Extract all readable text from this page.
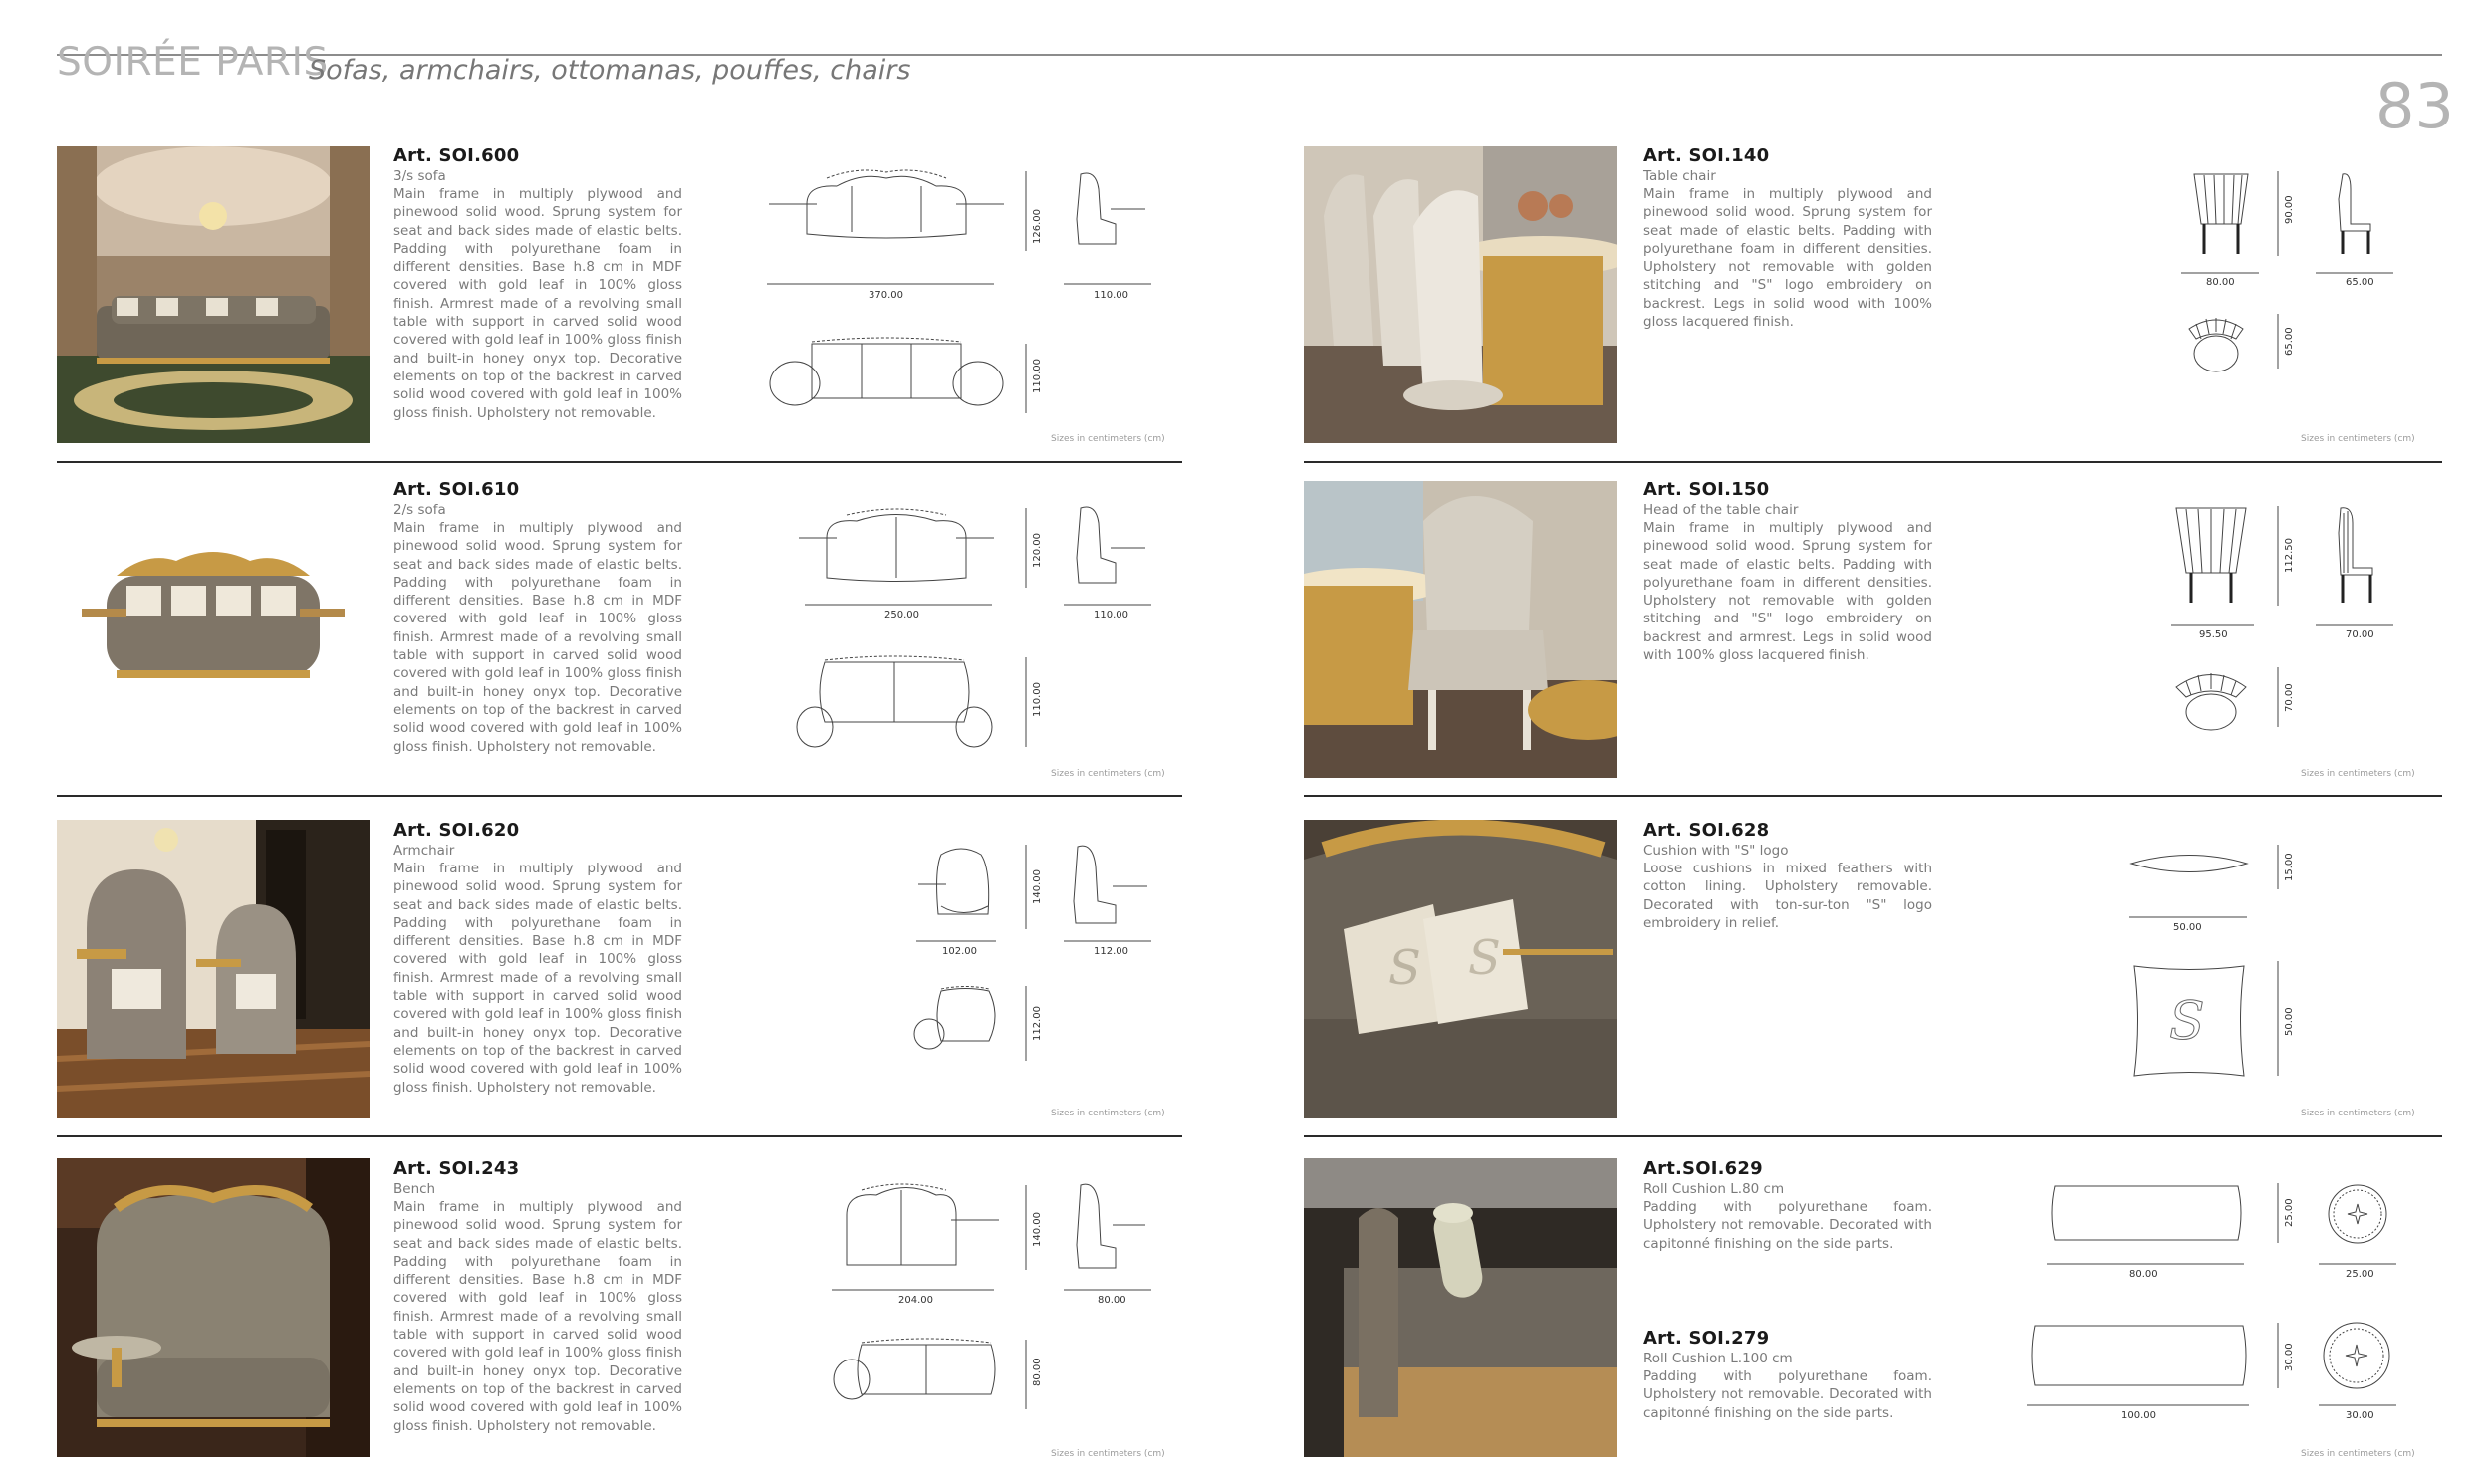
SOIRÉE PARIS
Sofas, armchairs, ottomanas, pouffes, chairs	83
Art. SOI.600
3/s sofa
Main frame in multiply plywood and pinewood solid wood. Sprung system for seat and back sides made of elastic belts. Padding with polyurethane foam in different densities. Base h.8 cm in MDF covered with gold leaf in 100% gloss finish. Armrest made of a revolving small table with support in carved solid wood covered with gold leaf in 100% gloss finish and built-in honey onyx top. Decorative elements on top of the backrest in carved solid wood covered with gold leaf in 100% gloss finish. Upholstery not removable.
370.00
126.00
110.00
110.00
Sizes in centimeters (cm)
Art. SOI.610
2/s sofa
Main frame in multiply plywood and pinewood solid wood. Sprung system for seat and back sides made of elastic belts. Padding with polyurethane foam in different densities. Base h.8 cm in MDF covered with gold leaf in 100% gloss finish. Armrest made of a revolving small table with support in carved solid wood covered with gold leaf in 100% gloss finish and built-in honey onyx top. Decorative elements on top of the backrest in carved solid wood covered with gold leaf in 100% gloss finish. Upholstery not removable.
250.00
120.00
110.00
110.00
Sizes in centimeters (cm)
Art. SOI.620
Armchair
Main frame in multiply plywood and pinewood solid wood. Sprung system for seat and back sides made of elastic belts. Padding with polyurethane foam in different densities. Base h.8 cm in MDF covered with gold leaf in 100% gloss finish. Armrest made of a revolving small table with support in carved solid wood covered with gold leaf in 100% gloss finish and built-in honey onyx top. Decorative elements on top of the backrest in carved solid wood covered with gold leaf in 100% gloss finish. Upholstery not removable.
102.00
140.00
112.00
112.00
Sizes in centimeters (cm)
Art. SOI.243
Bench
Main frame in multiply plywood and pinewood solid wood. Sprung system for seat and back sides made of elastic belts. Padding with polyurethane foam in different densities. Base h.8 cm in MDF covered with gold leaf in 100% gloss finish. Armrest made of a revolving small table with support in carved solid wood covered with gold leaf in 100% gloss finish and built-in honey onyx top. Decorative elements on top of the backrest in carved solid wood covered with gold leaf in 100% gloss finish. Upholstery not removable.
204.00
140.00
80.00
80.00
Sizes in centimeters (cm)
Art. SOI.140
Table chair
Main frame in multiply plywood and pinewood solid wood. Sprung system for seat made of elastic belts. Padding with polyurethane foam in different densities. Upholstery not removable with golden stitching and "S" logo embroidery on backrest. Legs in solid wood with 100% gloss lacquered finish.
80.00
90.00
65.00
65.00
Sizes in centimeters (cm)
Art. SOI.150
Head of the table chair
Main frame in multiply plywood and pinewood solid wood. Sprung system for seat made of elastic belts. Padding with polyurethane foam in different densities. Upholstery not removable with golden stitching and "S" logo embroidery on backrest and armrest. Legs in solid wood with 100% gloss lacquered finish.
95.50
112.50
70.00
70.00
Sizes in centimeters (cm)
S S
Art. SOI.628
Cushion with "S" logo
Loose cushions in mixed feathers with cotton lining. Upholstery removable. Decorated with ton-sur-ton "S" logo embroidery in relief.	50.00
15.00
S	50.00
Sizes in centimeters (cm)
Art.SOI.629
Roll Cushion L.80 cm
Padding with polyurethane foam. Upholstery not removable. Decorated with capitonné finishing on the side parts.
Art. SOI.279
Roll Cushion L.100 cm
Padding with polyurethane foam. Upholstery not removable. Decorated with capitonné finishing on the side parts.
80.00
25.00
25.00
100.00
30.00
30.00
Sizes in centimeters (cm)
